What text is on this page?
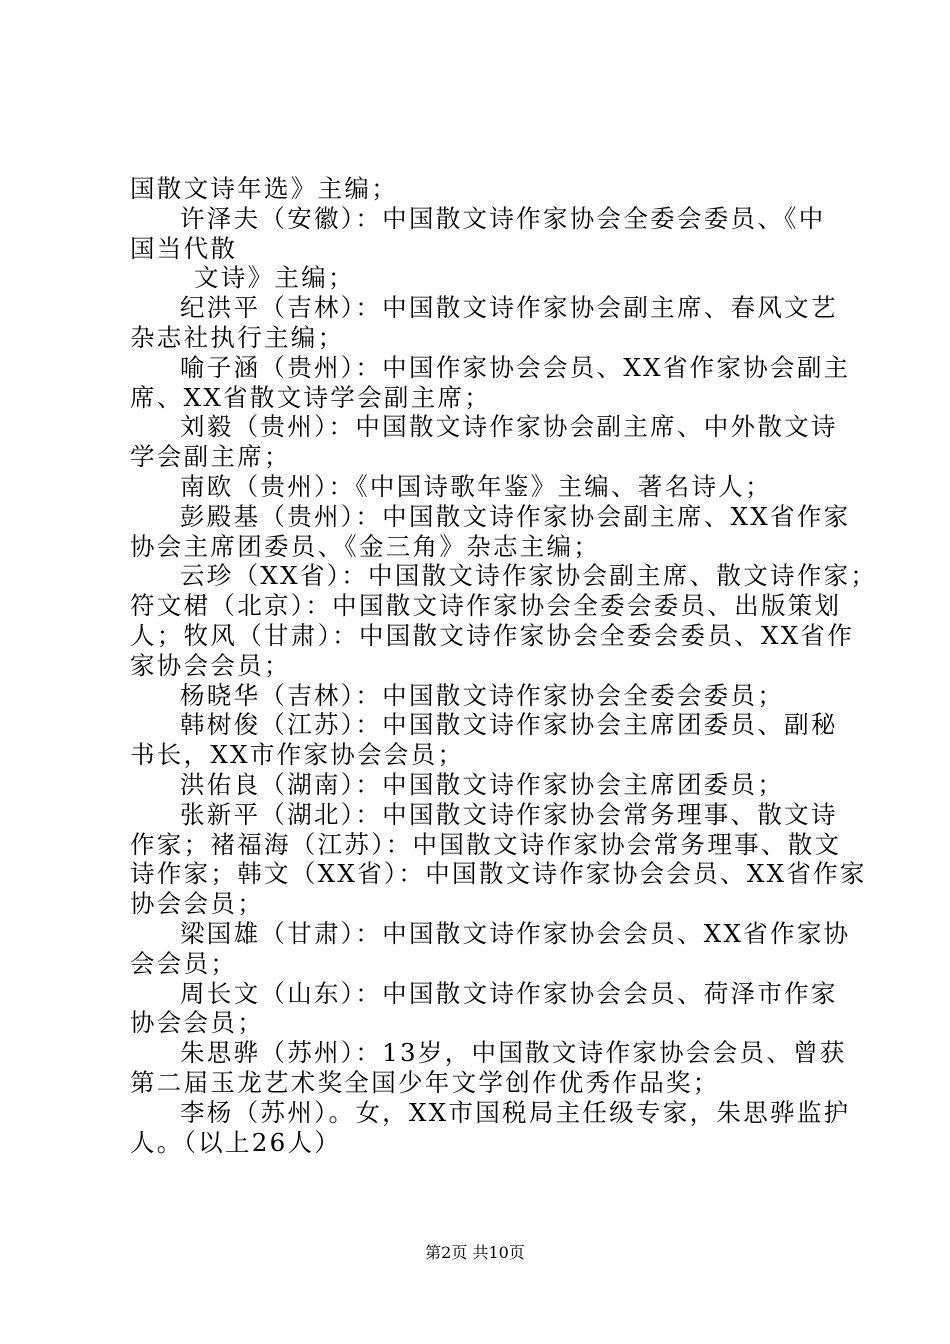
国散文诗年选》主编；
许泽夫（安徽）：中国散文诗作家协会全委会委员、《中
国当代散
文诗》主编；
纪洪平（吉林）：中国散文诗作家协会副主席、春风文艺
杂志社执行主编；
喻子涵（贵州）：中国作家协会会员、XX省作家协会副主
席、XX省散文诗学会副主席；
刘毅（贵州）：中国散文诗作家协会副主席、中外散文诗
学会副主席；
南欧（贵州）：《中国诗歌年鉴》主编、著名诗人；
彭殿基（贵州）：中国散文诗作家协会副主席、XX省作家
协会主席团委员、《金三角》杂志主编；
云珍（XX省）：中国散文诗作家协会副主席、散文诗作家；
符文桾（北京）：中国散文诗作家协会全委会委员、出版策划
人；牧风（甘肃）：中国散文诗作家协会全委会委员、XX省作
家协会会员；
杨晓华（吉林）：中国散文诗作家协会全委会委员；
韩树俊（江苏）：中国散文诗作家协会主席团委员、副秘
书长，XX市作家协会会员；
洪佑良（湖南）：中国散文诗作家协会主席团委员；
张新平（湖北）：中国散文诗作家协会常务理事、散文诗
作家；褚福海（江苏）：中国散文诗作家协会常务理事、散文
诗作家；韩文（XX省）：中国散文诗作家协会会员、XX省作家
协会会员；
梁国雄（甘肃）：中国散文诗作家协会会员、XX省作家协
会会员；
周长文（山东）：中国散文诗作家协会会员、荷泽市作家
协会会员；
朱思骅（苏州）：13岁，中国散文诗作家协会会员、曾获
第二届玉龙艺术奖全国少年文学创作优秀作品奖；
李杨（苏州）。女，XX市国税局主任级专家，朱思骅监护
人。（以上26人）
第2页 共10页
